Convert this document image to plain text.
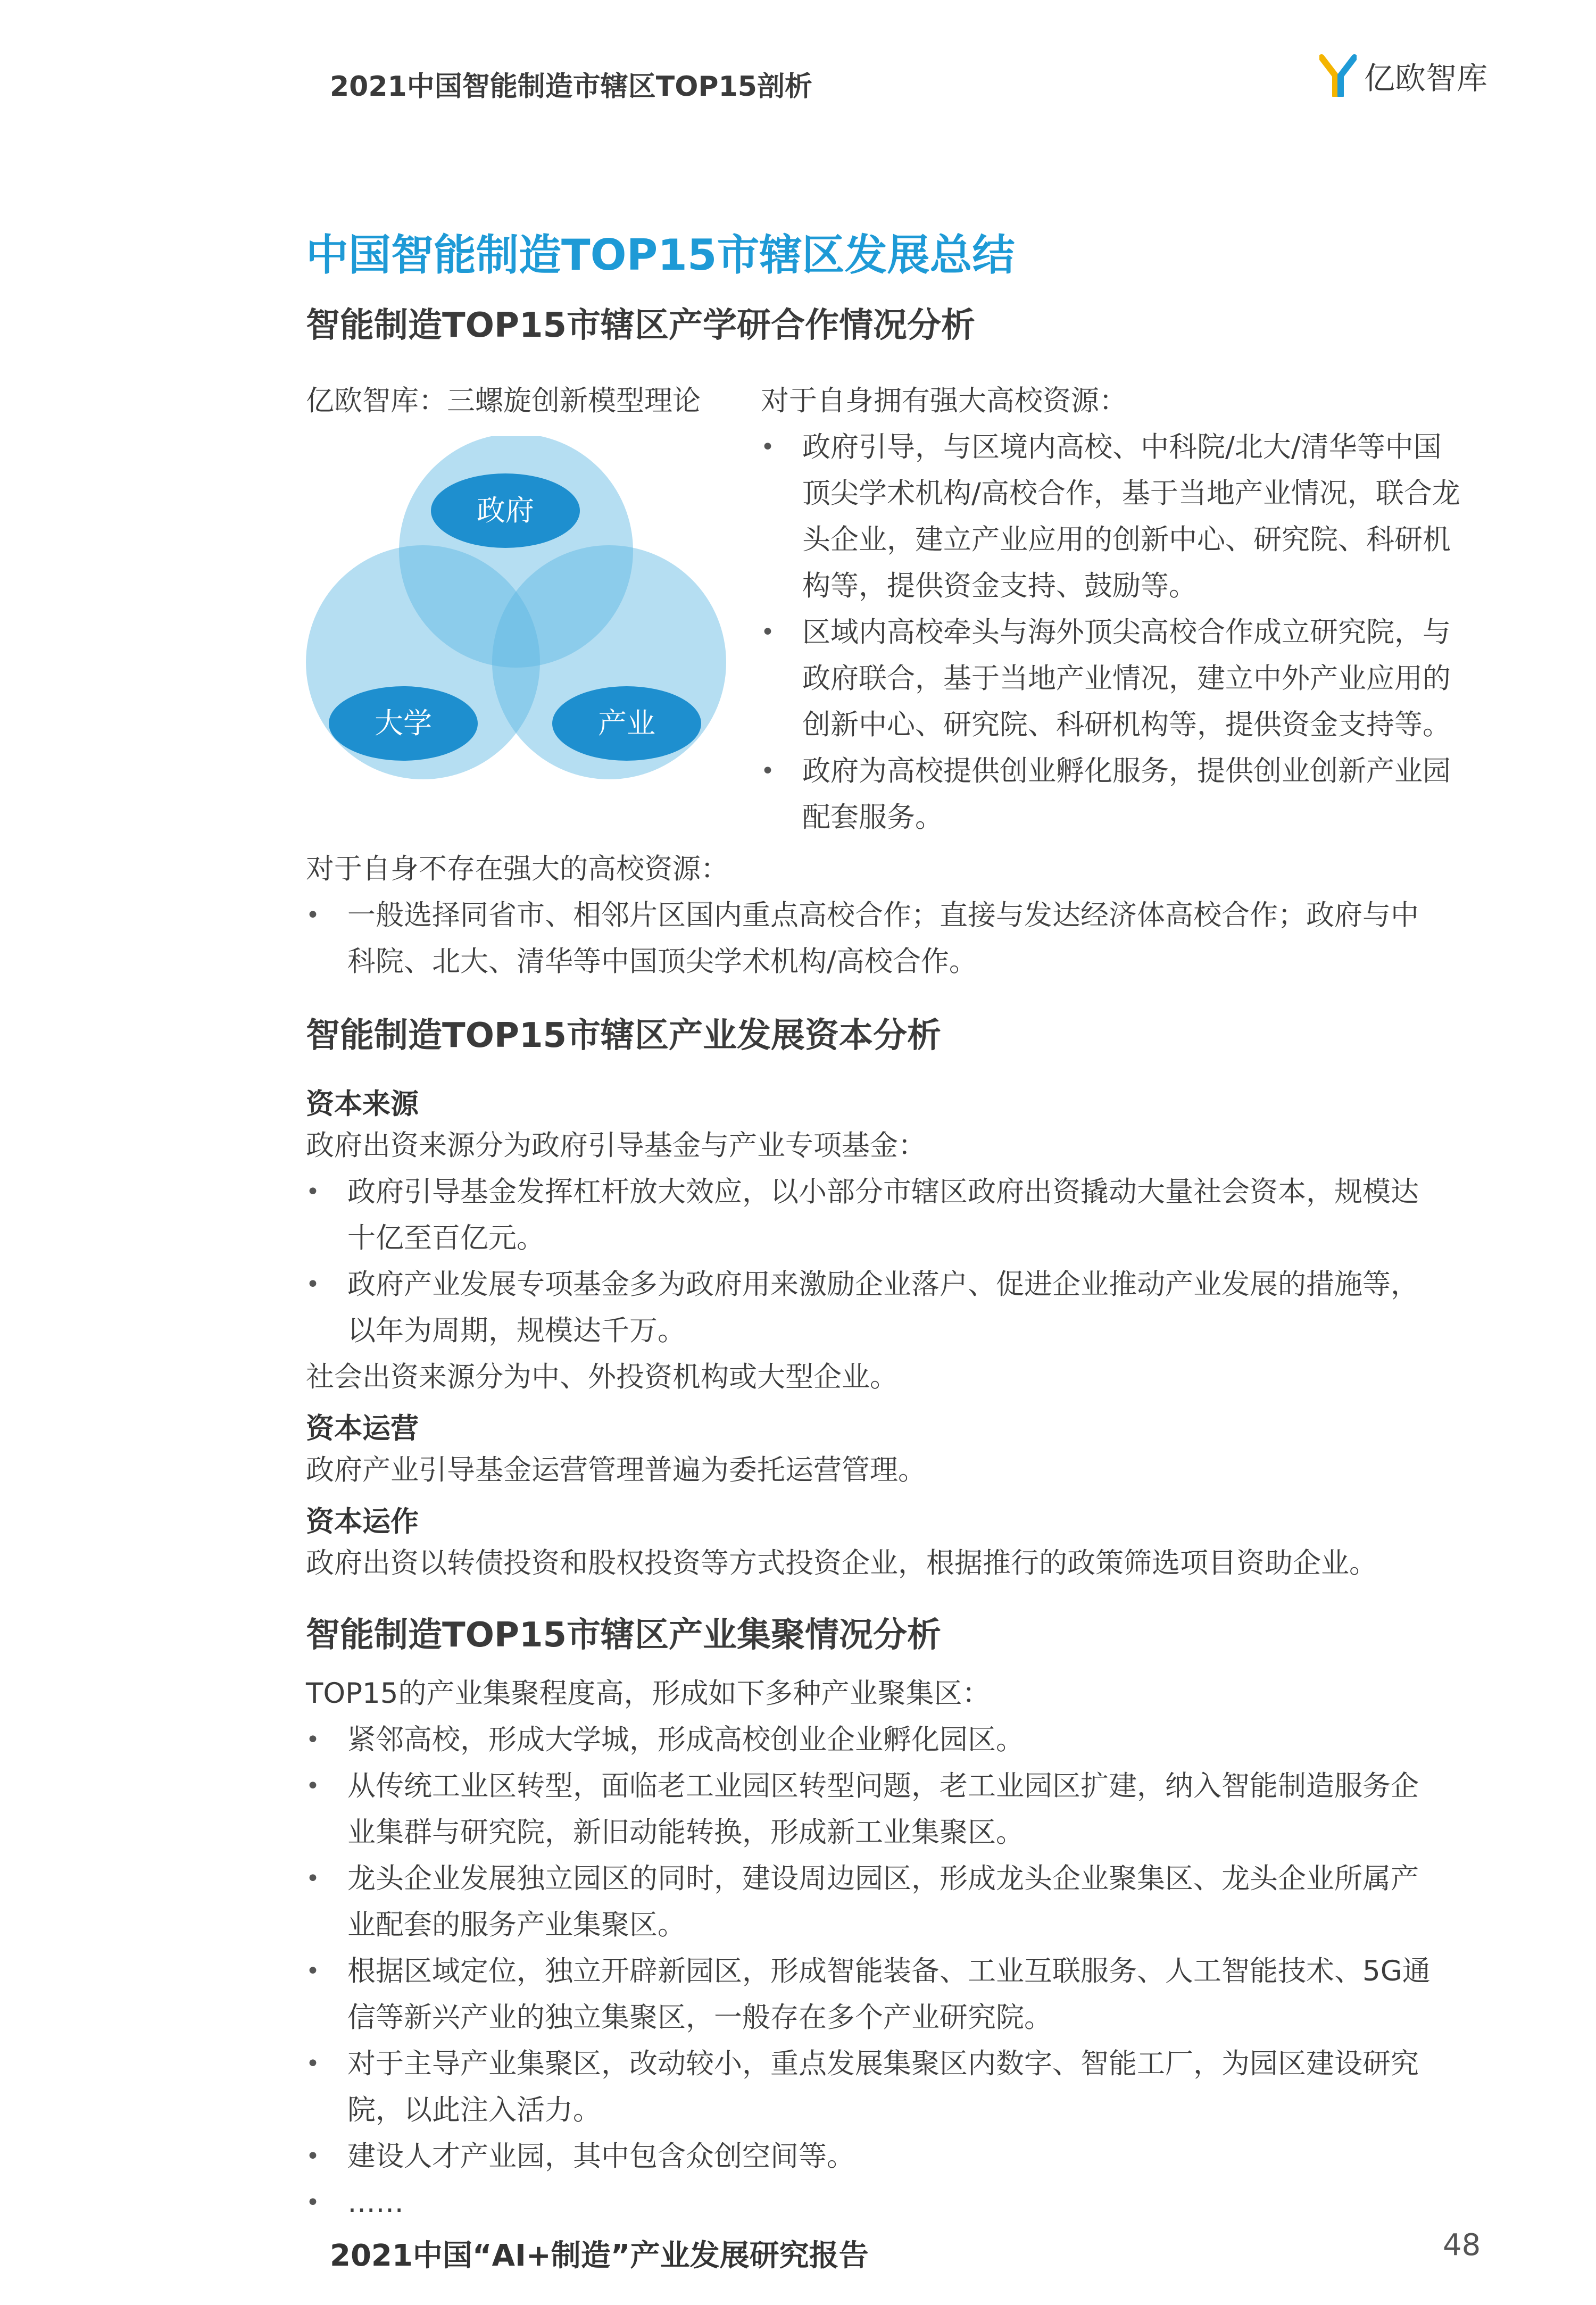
2021中国智能制造市辖区TOP15剖析	亿欧智库
中国智能制造TOP15市辖区发展总结
智能制造TOP15市辖区产学研合作情况分析
亿欧智库：三螺旋创新模型理论
政府
大学	产业
对于自身拥有强大高校资源：
• 政府引导，与区境内高校、中科院/北大/清华等中国
顶尖学术机构/高校合作，基于当地产业情况，联合龙
头企业，建立产业应用的创新中心、研究院、科研机
构等，提供资金支持、鼓励等。
• 区域内高校牵头与海外顶尖高校合作成立研究院，与
政府联合，基于当地产业情况，建立中外产业应用的
创新中心、研究院、科研机构等，提供资金支持等。
• 政府为高校提供创业孵化服务，提供创业创新产业园
配套服务。
对于自身不存在强大的高校资源：
• 一般选择同省市、相邻片区国内重点高校合作；直接与发达经济体高校合作；政府与中
科院、北大、清华等中国顶尖学术机构/高校合作。
智能制造TOP15市辖区产业发展资本分析
资本来源
政府出资来源分为政府引导基金与产业专项基金：
• 政府引导基金发挥杠杆放大效应，以小部分市辖区政府出资撬动大量社会资本，规模达
十亿至百亿元。
• 政府产业发展专项基金多为政府用来激励企业落户、促进企业推动产业发展的措施等，
以年为周期，规模达千万。
社会出资来源分为中、外投资机构或大型企业。
资本运营
政府产业引导基金运营管理普遍为委托运营管理。
资本运作
政府出资以转债投资和股权投资等方式投资企业，根据推行的政策筛选项目资助企业。
智能制造TOP15市辖区产业集聚情况分析
TOP15的产业集聚程度高，形成如下多种产业聚集区：
• 紧邻高校，形成大学城，形成高校创业企业孵化园区。
• 从传统工业区转型，面临老工业园区转型问题，老工业园区扩建，纳入智能制造服务企
业集群与研究院，新旧动能转换，形成新工业集聚区。
• 龙头企业发展独立园区的同时，建设周边园区，形成龙头企业聚集区、龙头企业所属产
业配套的服务产业集聚区。
• 根据区域定位，独立开辟新园区，形成智能装备、工业互联服务、人工智能技术、5G通
信等新兴产业的独立集聚区，一般存在多个产业研究院。
• 对于主导产业集聚区，改动较小，重点发展集聚区内数字、智能工厂，为园区建设研究
院，以此注入活力。
• 建设人才产业园，其中包含众创空间等。
• ……
2021中国“AI+制造”产业发展研究报告	48
